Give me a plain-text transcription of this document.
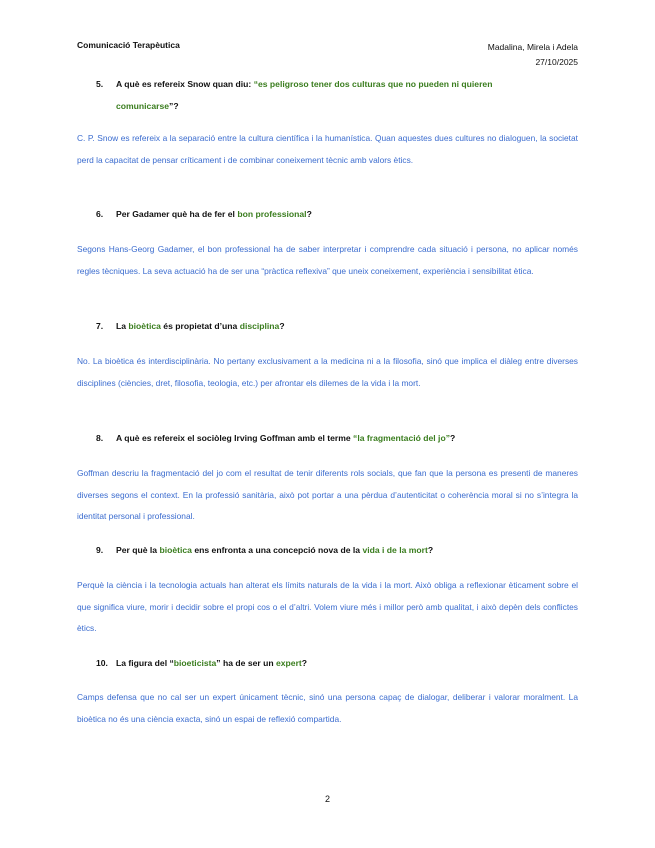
Comunicació Terapèutica	Madalina, Mirela i Adela
27/10/2025
5. A què es refereix Snow quan diu: “es peligroso tener dos culturas que no pueden ni quieren
comunicarse”?
C. P. Snow es refereix a la separació entre la cultura científica i la humanística. Quan aquestes dues cultures no dialoguen, la societat perd la capacitat de pensar críticament i de combinar coneixement tècnic amb valors ètics.
6. Per Gadamer què ha de fer el bon professional?
Segons Hans-Georg Gadamer, el bon professional ha de saber interpretar i comprendre cada situació i persona, no aplicar només regles tècniques. La seva actuació ha de ser una “pràctica reflexiva” que uneix coneixement, experiència i sensibilitat ètica.
7. La bioètica és propietat d’una disciplina?
No. La bioètica és interdisciplinària. No pertany exclusivament a la medicina ni a la filosofia, sinó que implica el diàleg entre diverses disciplines (ciències, dret, filosofia, teologia, etc.) per afrontar els dilemes de la vida i la mort.
8. A què es refereix el sociòleg Irving Goffman amb el terme “la fragmentació del jo”?
Goffman descriu la fragmentació del jo com el resultat de tenir diferents rols socials, que fan que la persona es presenti de maneres diverses segons el context. En la professió sanitària, això pot portar a una pèrdua d’autenticitat o coherència moral si no s’integra la identitat personal i professional.
9. Per què la bioètica ens enfronta a una concepció nova de la vida i de la mort?
Perquè la ciència i la tecnologia actuals han alterat els límits naturals de la vida i la mort. Això obliga a reflexionar èticament sobre el que significa viure, morir i decidir sobre el propi cos o el d’altri. Volem viure més i millor però amb qualitat, i això depèn dels conflictes ètics.
10. La figura del “bioeticista” ha de ser un expert?
Camps defensa que no cal ser un expert únicament tècnic, sinó una persona capaç de dialogar, deliberar i valorar moralment. La bioètica no és una ciència exacta, sinó un espai de reflexió compartida.
2
